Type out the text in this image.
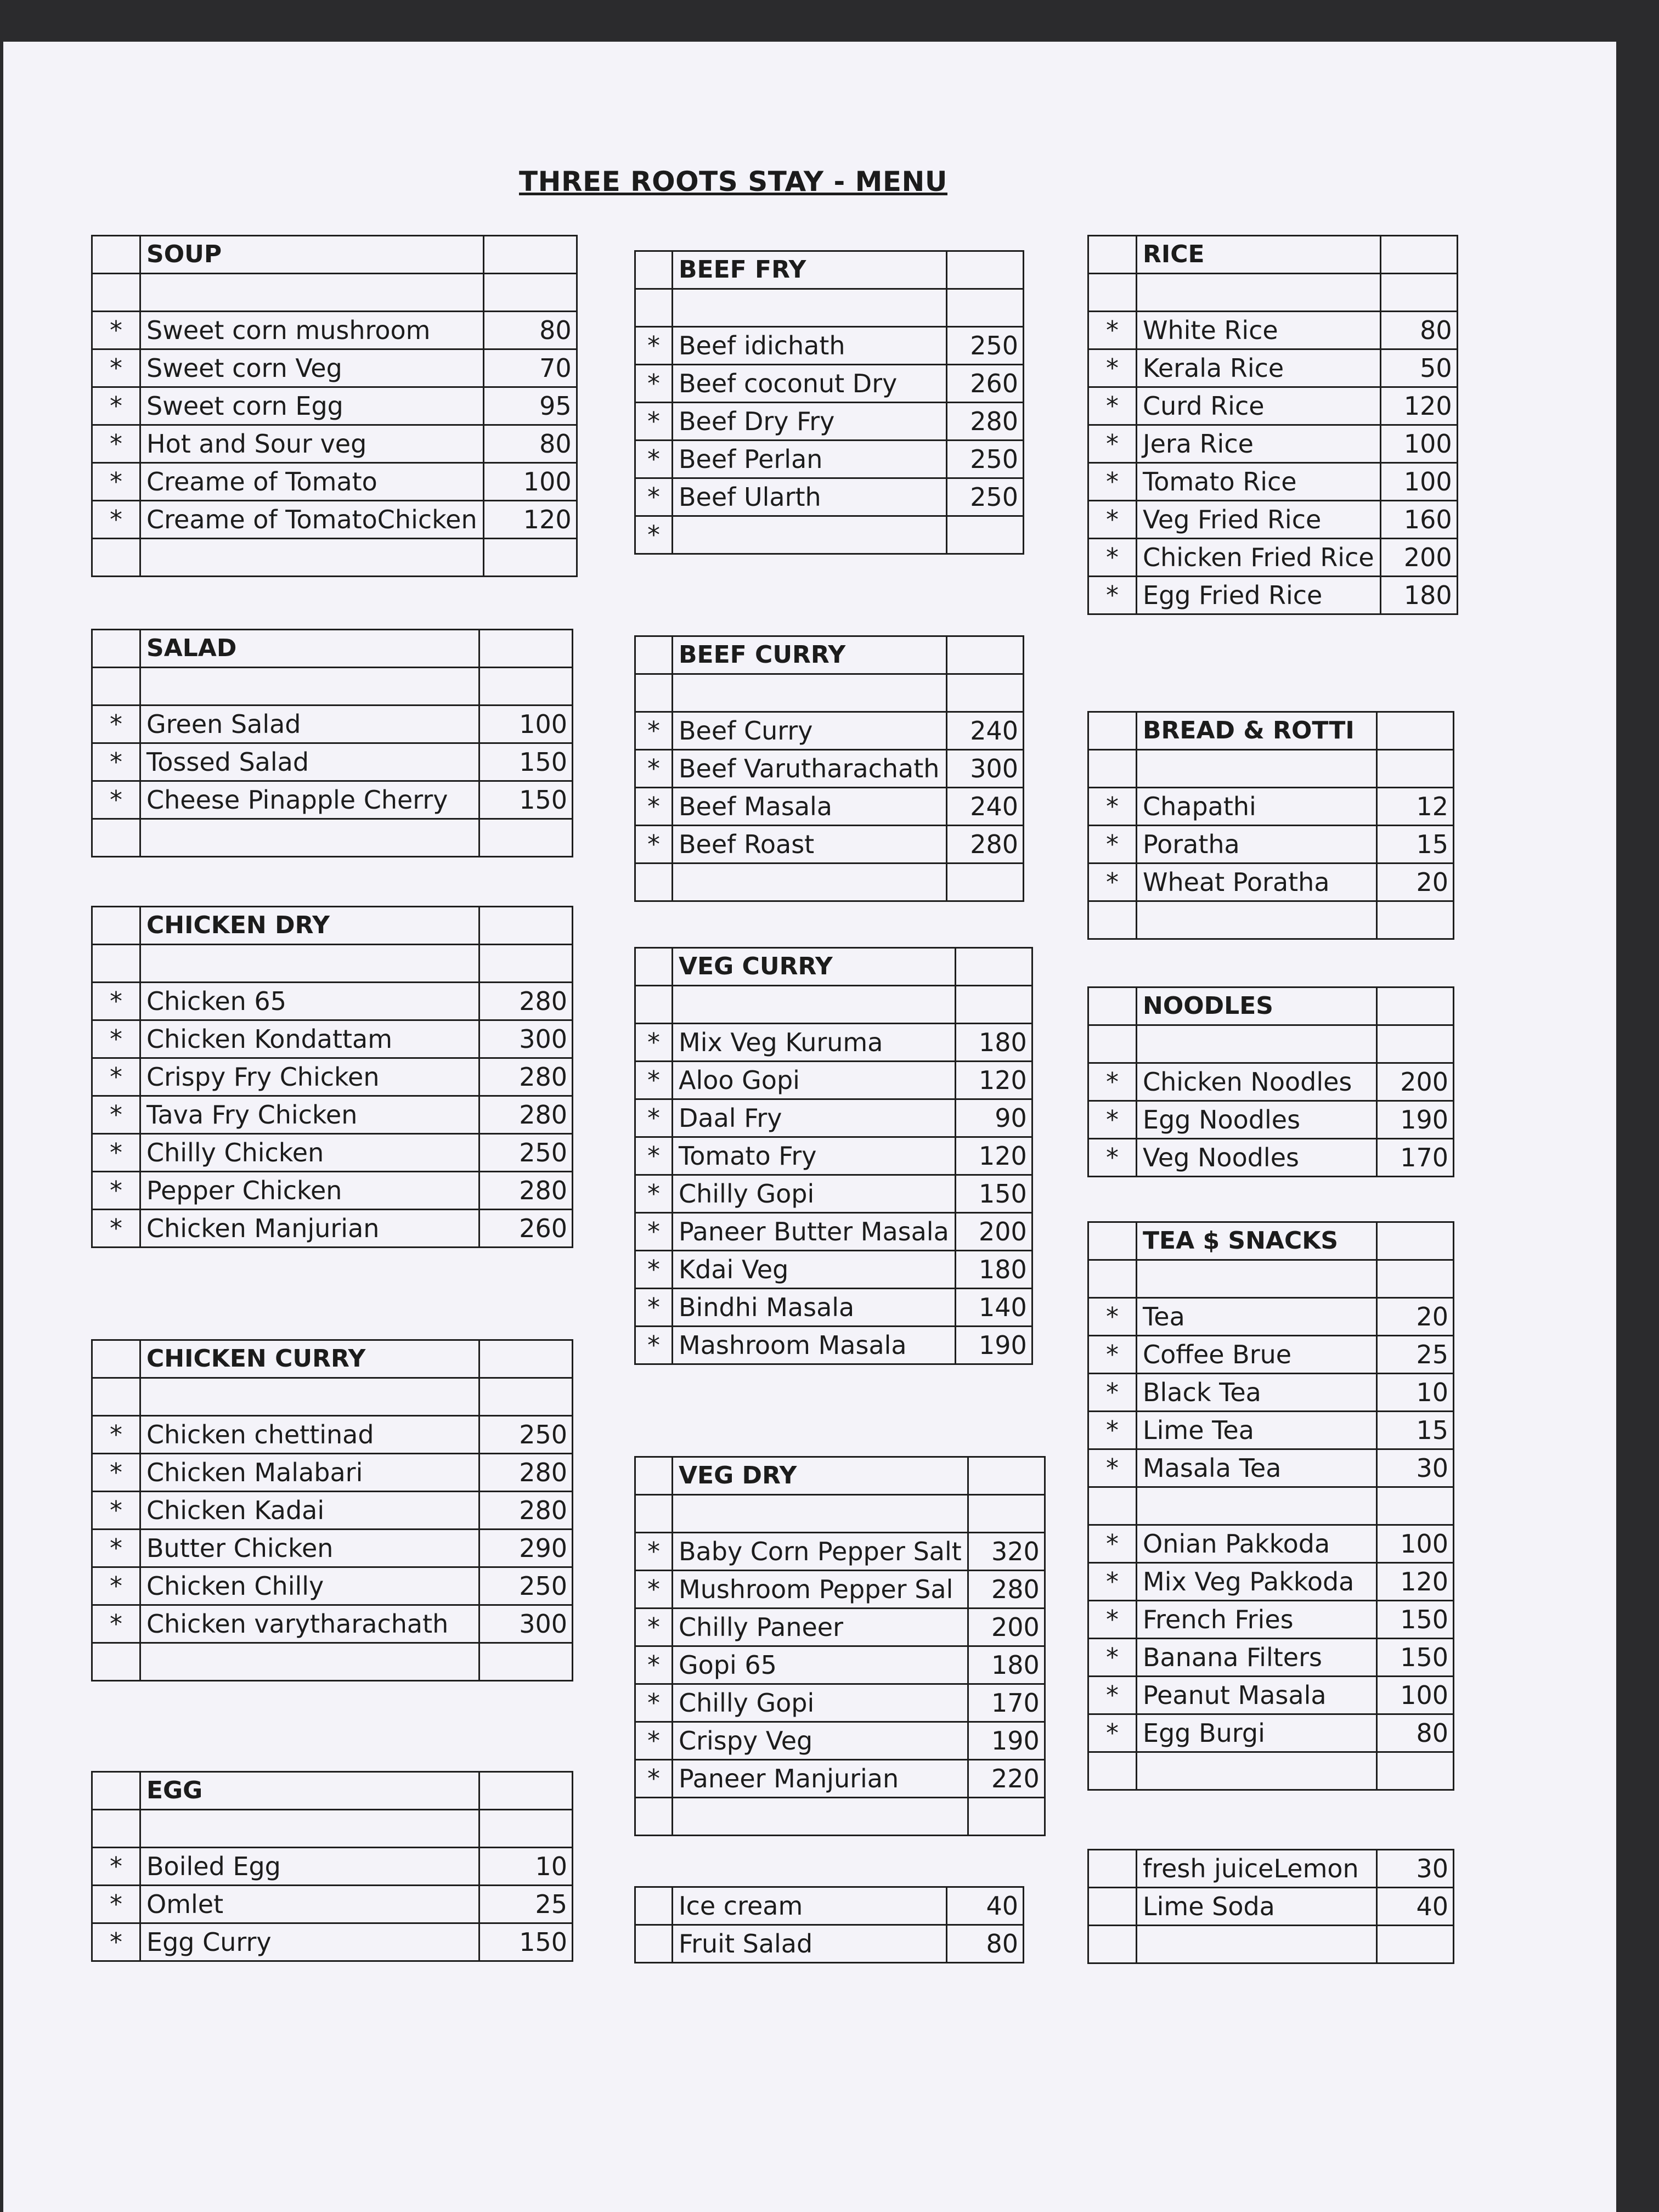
THREE ROOTS STAY - MENU
	SOUP	

*	Sweet corn mushroom	80
*	Sweet corn Veg	70
*	Sweet corn Egg	95
*	Hot and Sour veg	80
*	Creame of Tomato	100
*	Creame of TomatoChicken	120

	SALAD	

*	Green Salad	100
*	Tossed Salad	150
*	Cheese Pinapple Cherry	150

	CHICKEN DRY	

*	Chicken 65	280
*	Chicken Kondattam	300
*	Crispy Fry Chicken	280
*	Tava Fry Chicken	280
*	Chilly Chicken	250
*	Pepper Chicken	280
*	Chicken Manjurian	260
	CHICKEN CURRY	

*	Chicken chettinad	250
*	Chicken Malabari	280
*	Chicken Kadai	280
*	Butter Chicken	290
*	Chicken Chilly	250
*	Chicken varytharachath	300

	EGG	

*	Boiled Egg	10
*	Omlet	25
*	Egg Curry	150
	BEEF FRY	

*	Beef idichath	250
*	Beef coconut Dry	260
*	Beef Dry Fry	280
*	Beef Perlan	250
*	Beef Ularth	250
*		
	BEEF CURRY	

*	Beef Curry	240
*	Beef Varutharachath	300
*	Beef Masala	240
*	Beef Roast	280

	VEG CURRY	

*	Mix Veg Kuruma	180
*	Aloo Gopi	120
*	Daal Fry	90
*	Tomato Fry	120
*	Chilly Gopi	150
*	Paneer Butter Masala	200
*	Kdai Veg	180
*	Bindhi Masala	140
*	Mashroom Masala	190
	VEG DRY	

*	Baby Corn Pepper Salt	320
*	Mushroom Pepper Sal	280
*	Chilly Paneer	200
*	Gopi 65	180
*	Chilly Gopi	170
*	Crispy Veg	190
*	Paneer Manjurian	220

	Ice cream	40
	Fruit Salad	80
	RICE	

*	White Rice	80
*	Kerala Rice	50
*	Curd Rice	120
*	Jera Rice	100
*	Tomato Rice	100
*	Veg Fried Rice	160
*	Chicken Fried Rice	200
*	Egg Fried Rice	180
	BREAD & ROTTI	

*	Chapathi	12
*	Poratha	15
*	Wheat Poratha	20

	NOODLES	

*	Chicken Noodles	200
*	Egg Noodles	190
*	Veg Noodles	170
	TEA $ SNACKS	

*	Tea	20
*	Coffee Brue	25
*	Black Tea	10
*	Lime Tea	15
*	Masala Tea	30

*	Onian Pakkoda	100
*	Mix Veg Pakkoda	120
*	French Fries	150
*	Banana Filters	150
*	Peanut Masala	100
*	Egg Burgi	80

	fresh juiceLemon	30
	Lime Soda	40
